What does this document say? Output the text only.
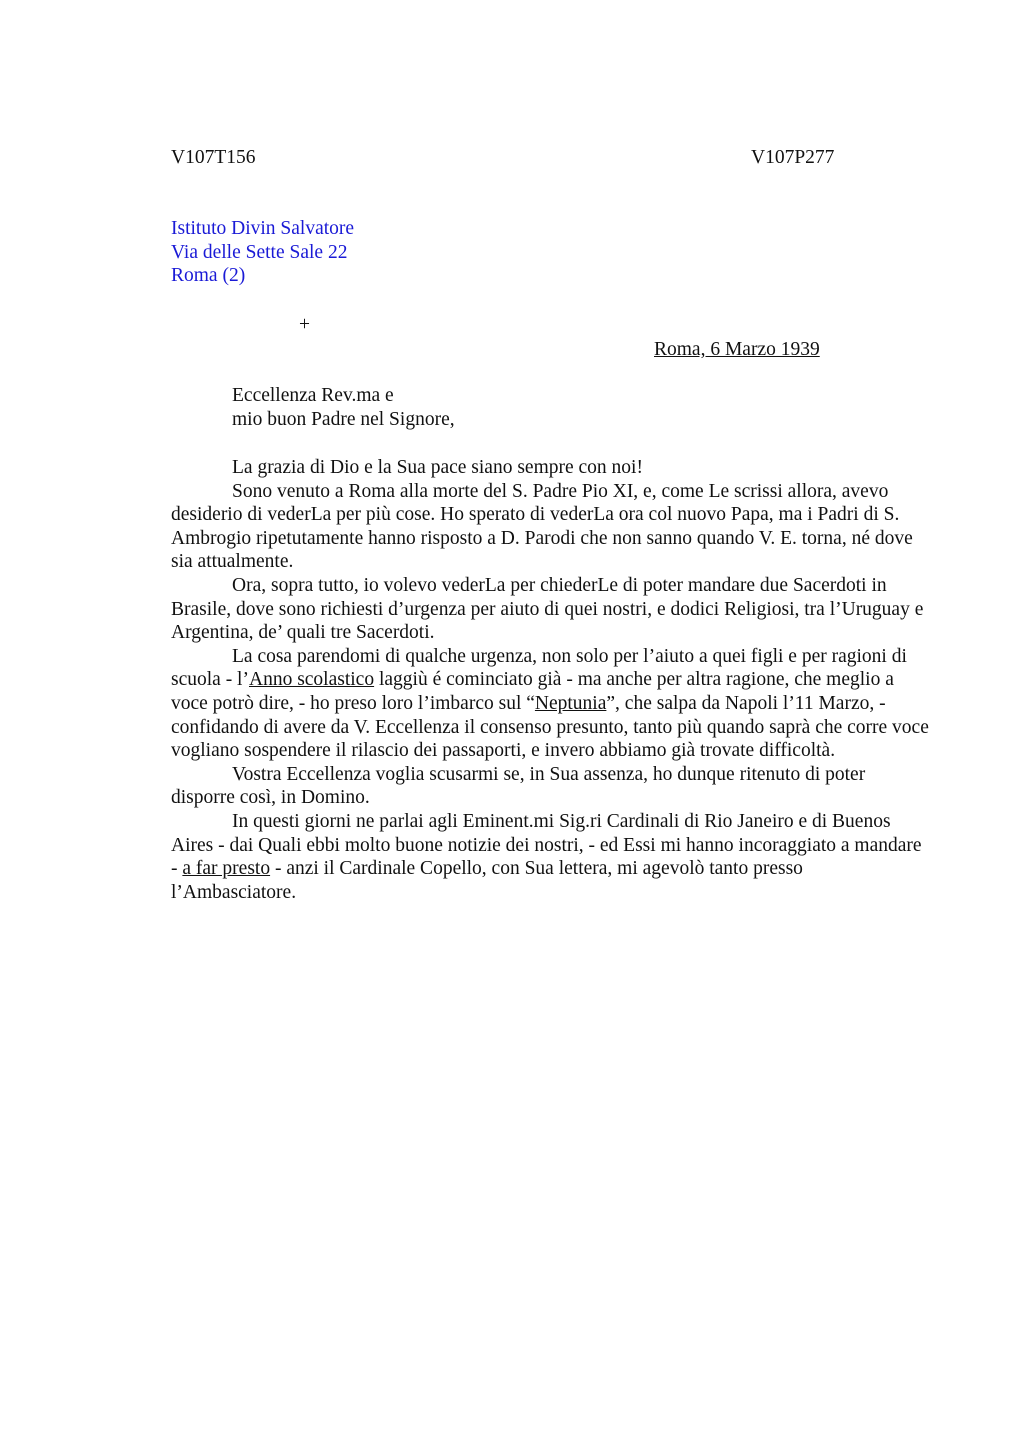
V107T156	V107P277
Istituto Divin Salvatore
Via delle Sette Sale 22
Roma (2)
+
Roma, 6 Marzo 1939
Eccellenza Rev.ma e
mio buon Padre nel Signore,

La grazia di Dio e la Sua pace siano sempre con noi!

Sono venuto a Roma alla morte del S. Padre Pio XI, e, come Le scrissi allora, avevo desiderio di vederLa per più cose. Ho sperato di vederLa ora col nuovo Papa, ma i Padri di S. Ambrogio ripetutamente hanno risposto a D. Parodi che non sanno quando V. E. torna, né dove sia attualmente.

Ora, sopra tutto, io volevo vederLa per chiederLe di poter mandare due Sacerdoti in Brasile, dove sono richiesti d’urgenza per aiuto di quei nostri, e dodici Religiosi, tra l’Uruguay e Argentina, de’ quali tre Sacerdoti.

La cosa parendomi di qualche urgenza, non solo per l’aiuto a quei figli e per ragioni di scuola - l’Anno scolastico laggiù é cominciato già - ma anche per altra ragione, che meglio a voce potrò dire, - ho preso loro l’imbarco sul “Neptunia”, che salpa da Napoli l’11 Marzo, - confidando di avere da V. Eccellenza il consenso presunto, tanto più quando saprà che corre voce vogliano sospendere il rilascio dei passaporti, e invero abbiamo già trovate difficoltà.

Vostra Eccellenza voglia scusarmi se, in Sua assenza, ho dunque ritenuto di poter disporre così, in Domino.

In questi giorni ne parlai agli Eminent.mi Sig.ri Cardinali di Rio Janeiro e di Buenos Aires - dai Quali ebbi molto buone notizie dei nostri, - ed Essi mi hanno incoraggiato a mandare - a far presto - anzi il Cardinale Copello, con Sua lettera, mi agevolò tanto presso l’Ambasciatore.
